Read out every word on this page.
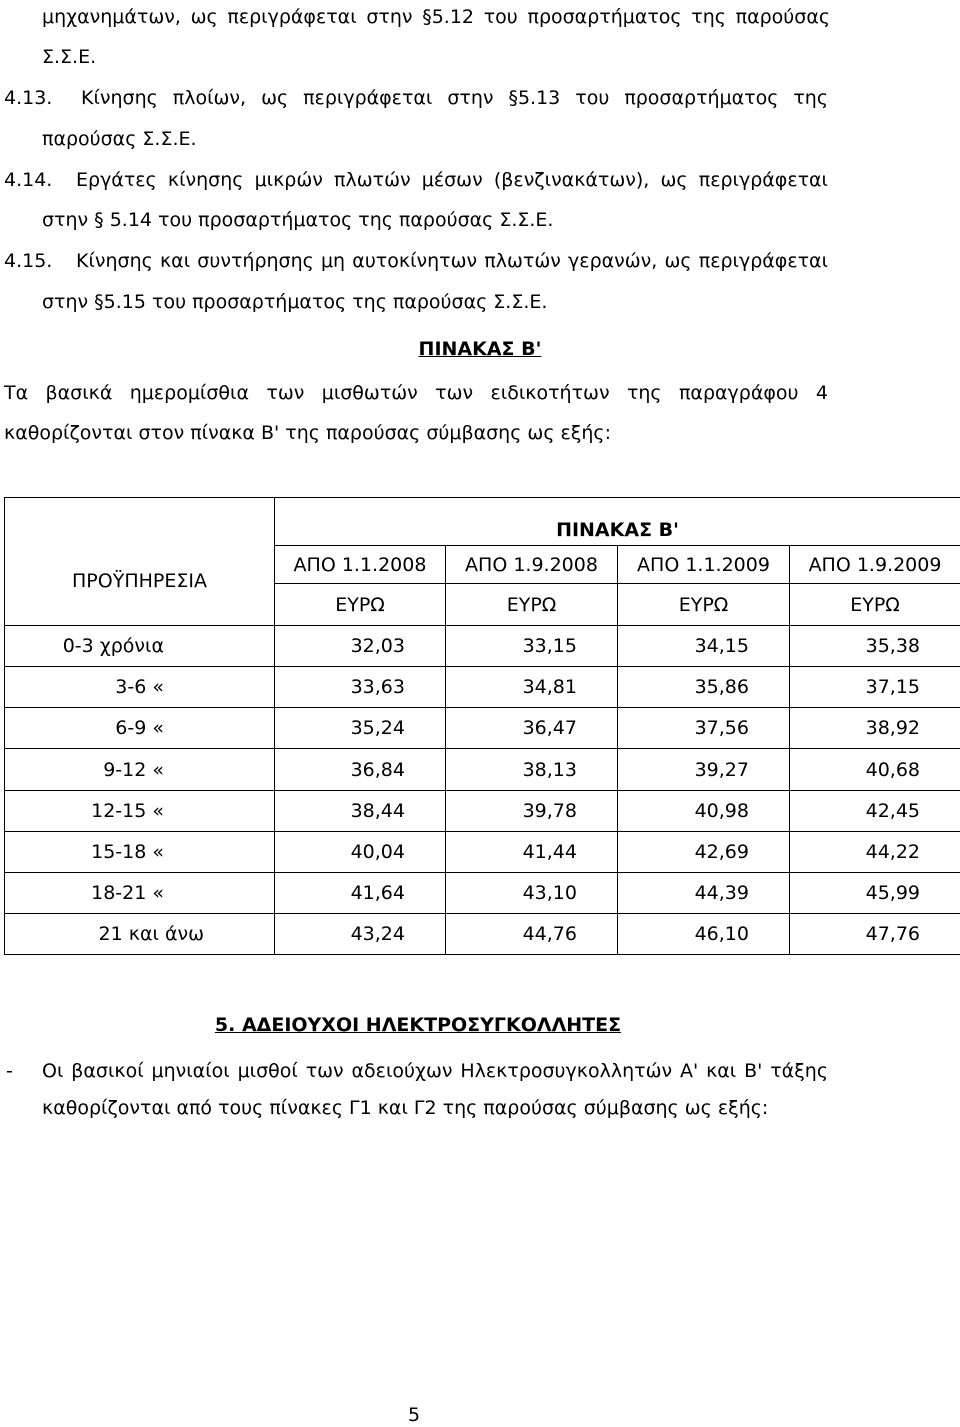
μηχανημάτων, ως περιγράφεται στην §5.12 του προσαρτήματος της παρούσας
Σ.Σ.Ε.
4.13. Κίνησης πλοίων, ως περιγράφεται στην §5.13 του προσαρτήματος της
παρούσας Σ.Σ.Ε.
4.14. Εργάτες κίνησης μικρών πλωτών μέσων (βενζινακάτων), ως περιγράφεται
στην § 5.14 του προσαρτήματος της παρούσας Σ.Σ.Ε.
4.15. Κίνησης και συντήρησης μη αυτοκίνητων πλωτών γερανών, ως περιγράφεται
στην §5.15 του προσαρτήματος της παρούσας Σ.Σ.Ε.
ΠΙΝΑΚΑΣ Β'
Τα βασικά ημερομίσθια των μισθωτών των ειδικοτήτων της παραγράφου 4
καθορίζονται στον πίνακα Β' της παρούσας σύμβασης ως εξής:
	ΠΙΝΑΚΑΣ Β'			
ΠΡΟΫΠΗΡΕΣΙΑ	ΑΠΟ 1.1.2008	ΑΠΟ 1.9.2008	ΑΠΟ 1.1.2009	ΑΠΟ 1.9.2009
	ΕΥΡΩ	ΕΥΡΩ	ΕΥΡΩ	ΕΥΡΩ
0-3 χρόνια	32,03	33,15	34,15	35,38
3-6 «	33,63	34,81	35,86	37,15
6-9 «	35,24	36,47	37,56	38,92
9-12 «	36,84	38,13	39,27	40,68
12-15 «	38,44	39,78	40,98	42,45
15-18 «	40,04	41,44	42,69	44,22
18-21 «	41,64	43,10	44,39	45,99
21 και άνω	43,24	44,76	46,10	47,76
5. ΑΔΕΙΟΥΧΟΙ ΗΛΕΚΤΡΟΣΥΓΚΟΛΛΗΤΕΣ
- Οι βασικοί μηνιαίοι μισθοί των αδειούχων Ηλεκτροσυγκολλητών Α' και Β' τάξης
καθορίζονται από τους πίνακες Γ1 και Γ2 της παρούσας σύμβασης ως εξής:
5
